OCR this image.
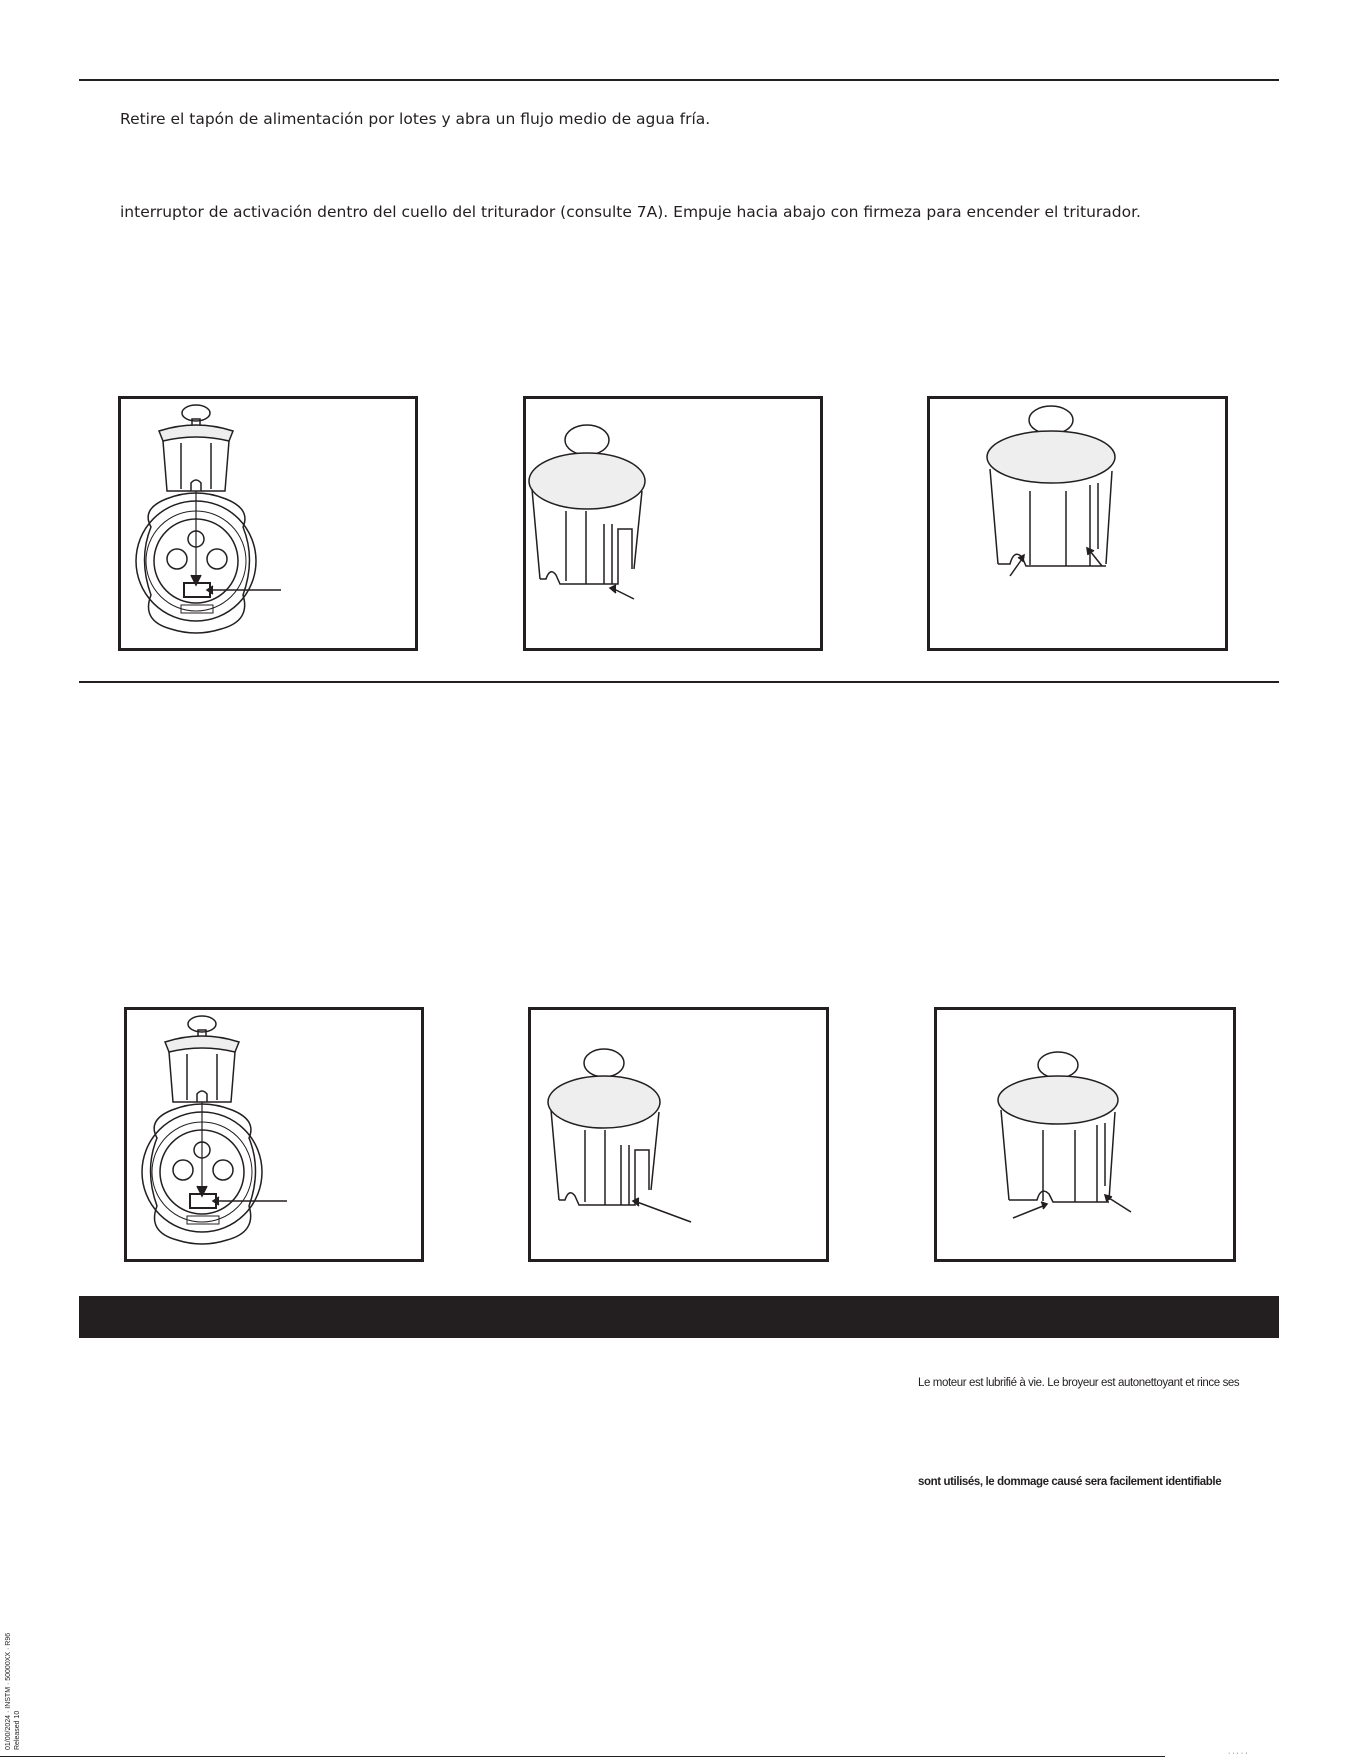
Retire el tapón de alimentación por lotes y abra un flujo medio de agua fría.
interruptor de activación dentro del cuello del triturador (consulte 7A). Empuje hacia abajo con firmeza para encender el triturador.
Le moteur est lubrifié à vie. Le broyeur est autonettoyant et rince ses
sont utilisés, le dommage causé sera facilement identifiable
01/00/2024 · INSTM · 50000XX · R96 Released 10
· · · · ·
